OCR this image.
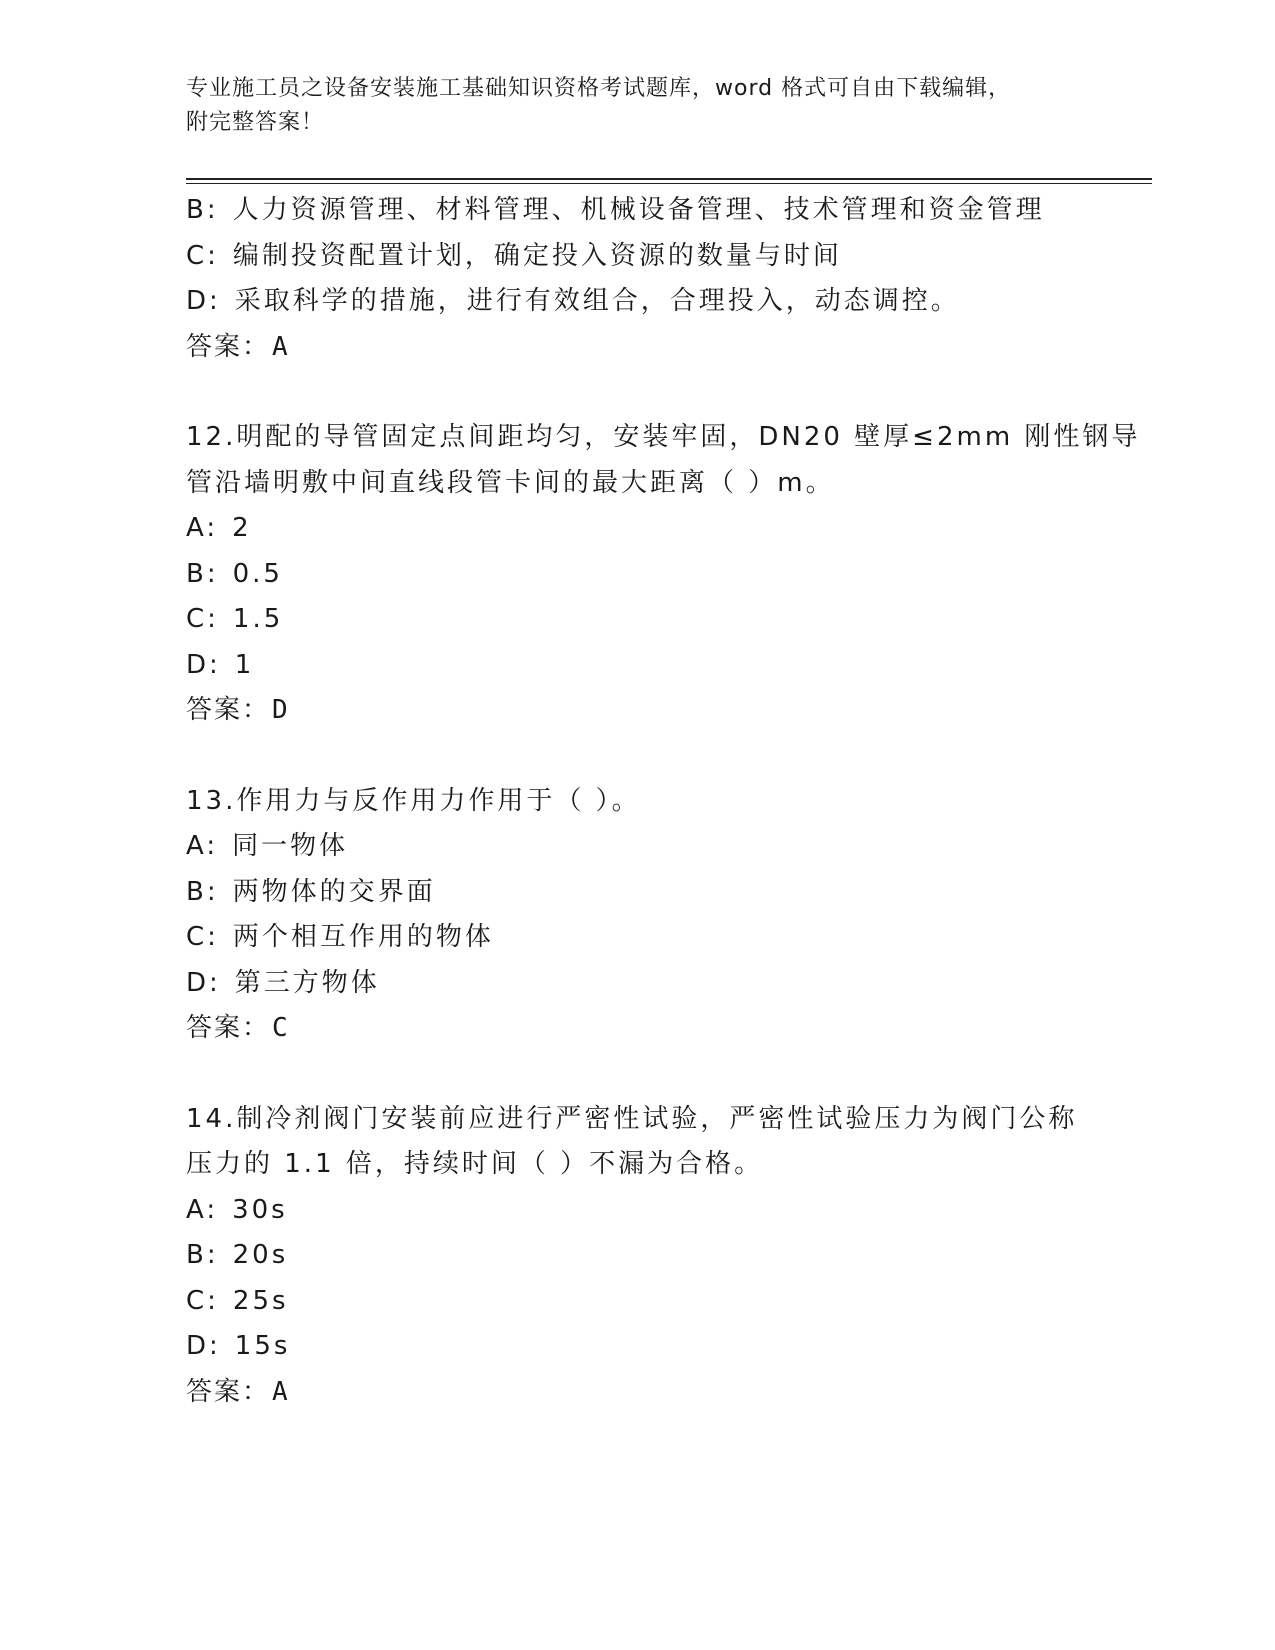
专业施工员之设备安装施工基础知识资格考试题库，word 格式可自由下载编辑，
附完整答案！
B: 人力资源管理、材料管理、机械设备管理、技术管理和资金管理
C: 编制投资配置计划，确定投入资源的数量与时间
D: 采取科学的措施，进行有效组合，合理投入，动态调控。
答案：A
12.明配的导管固定点间距均匀，安装牢固，DN20 壁厚≤2mm 刚性钢导
管沿墙明敷中间直线段管卡间的最大距离（ ）m。
A: 2
B: 0.5
C: 1.5
D: 1
答案：D
13.作用力与反作用力作用于（ ）。
A: 同一物体
B: 两物体的交界面
C: 两个相互作用的物体
D: 第三方物体
答案：C
14.制冷剂阀门安装前应进行严密性试验，严密性试验压力为阀门公称
压力的 1.1 倍，持续时间（ ）不漏为合格。
A: 30s
B: 20s
C: 25s
D: 15s
答案：A
